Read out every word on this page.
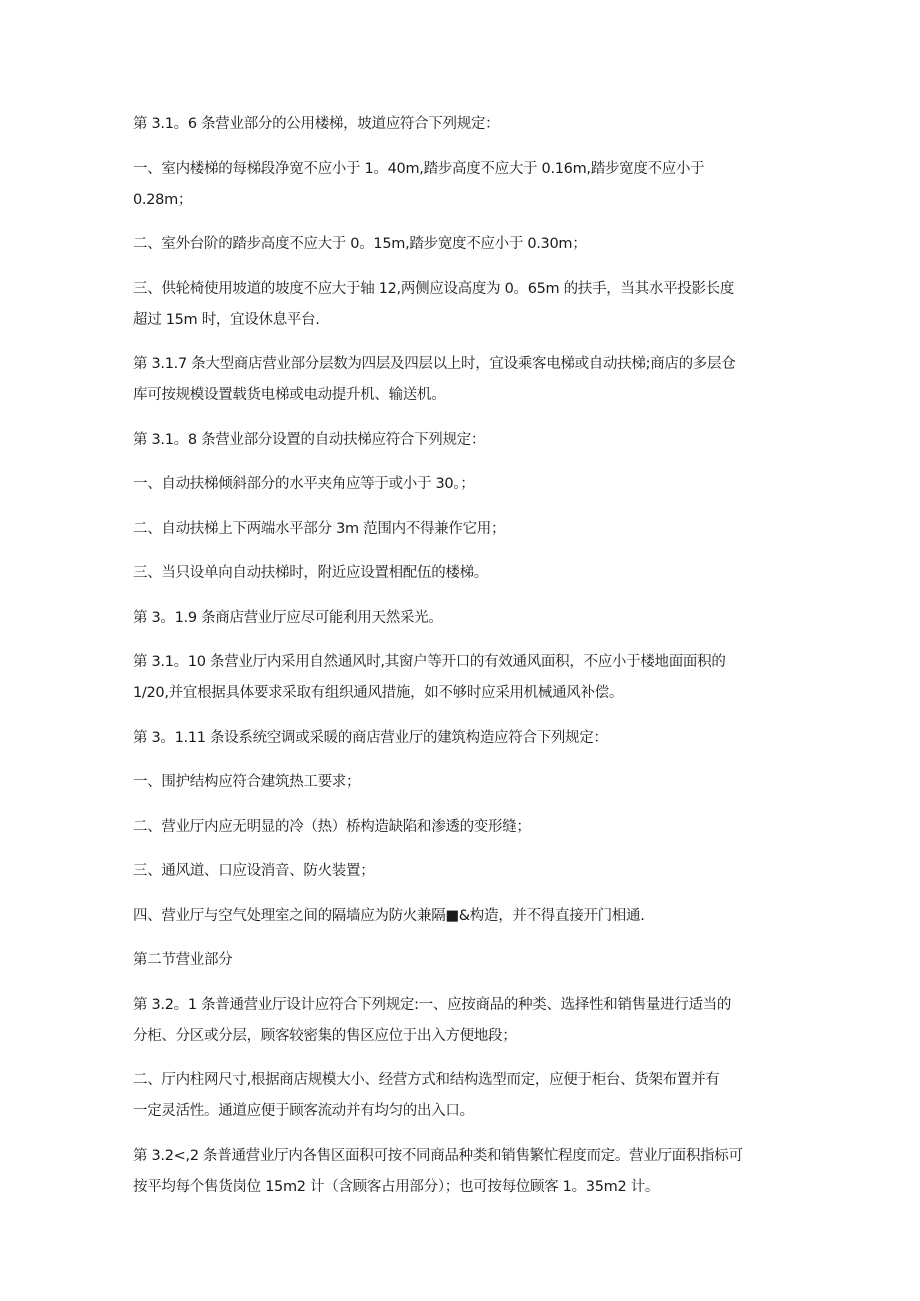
第 3.1。6 条营业部分的公用楼梯，坡道应符合下列规定：

一、室内楼梯的每梯段净宽不应小于 1。40m,踏步高度不应大于 0.16m,踏步宽度不应小于
0.28m；

二、室外台阶的踏步高度不应大于 0。15m,踏步宽度不应小于 0.30m；

三、供轮椅使用坡道的坡度不应大于轴 12,两侧应设高度为 0。65m 的扶手，当其水平投影长度
超过 15m 时，宜设休息平台.

第 3.1.7 条大型商店营业部分层数为四层及四层以上时，宜设乘客电梯或自动扶梯;商店的多层仓
库可按规模设置载货电梯或电动提升机、输送机。

第 3.1。8 条营业部分设置的自动扶梯应符合下列规定：

一、自动扶梯倾斜部分的水平夹角应等于或小于 30。；

二、自动扶梯上下两端水平部分 3m 范围内不得兼作它用；

三、当只设单向自动扶梯时，附近应设置相配伍的楼梯。

第 3。1.9 条商店营业厅应尽可能利用天然采光。

第 3.1。10 条营业厅内采用自然通风时,其窗户等开口的有效通风面积，不应小于楼地面面积的
1/20,并宜根据具体要求采取有组织通风措施，如不够时应采用机械通风补偿。

第 3。1.11 条设系统空调或采暖的商店营业厅的建筑构造应符合下列规定：

一、围护结构应符合建筑热工要求；

二、营业厅内应无明显的冷（热）桥构造缺陷和渗透的变形缝；

三、通风道、口应设消音、防火装置；

四、营业厅与空气处理室之间的隔墙应为防火兼隔■&构造，并不得直接开门相通.

第二节营业部分

第 3.2。1 条普通营业厅设计应符合下列规定:一、应按商品的种类、选择性和销售量进行适当的
分柜、分区或分层，顾客较密集的售区应位于出入方便地段；

二、厅内柱网尺寸,根据商店规模大小、经营方式和结构选型而定，应便于柜台、货架布置并有
一定灵活性。通道应便于顾客流动并有均匀的出入口。

第 3.2<,2 条普通营业厅内各售区面积可按不同商品种类和销售繁忙程度而定。营业厅面积指标可
按平均每个售货岗位 15m2 计（含顾客占用部分）；也可按每位顾客 1。35m2 计。
